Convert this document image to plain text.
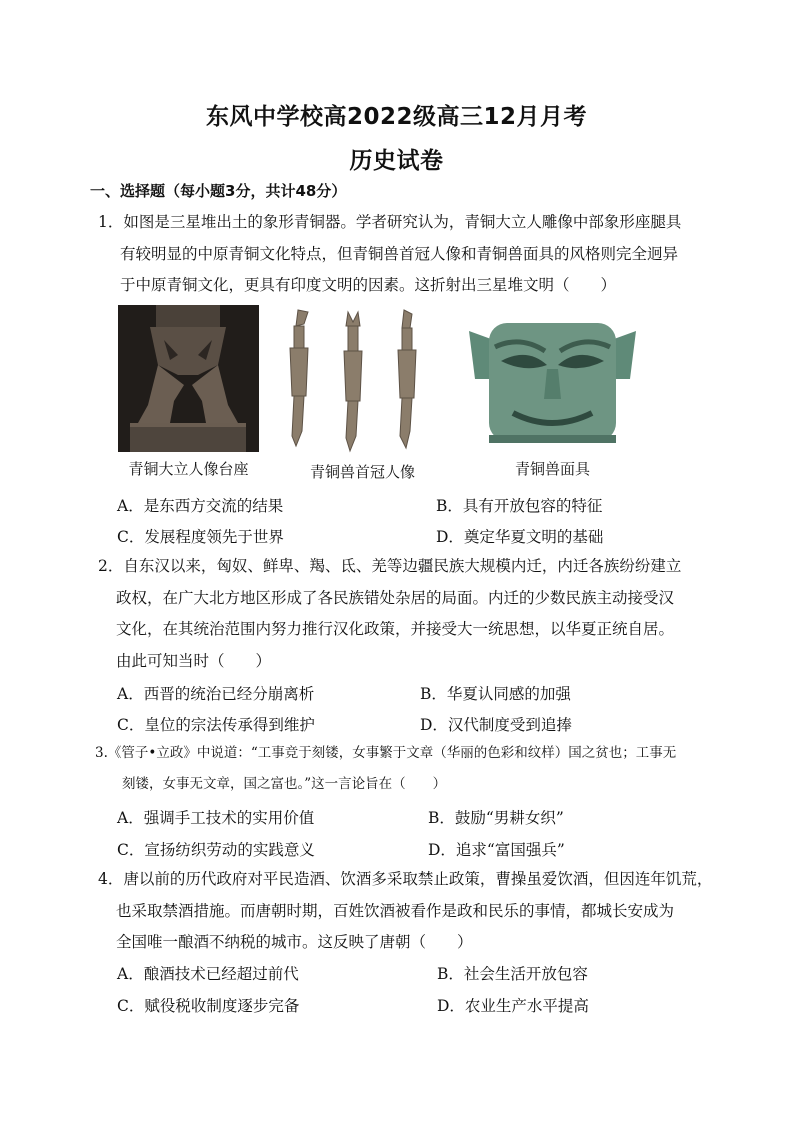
东风中学校高2022级高三12月月考
历史试卷
一、选择题（每小题3分，共计48分）
1．如图是三星堆出土的象形青铜器。学者研究认为，青铜大立人雕像中部象形座腿具
有较明显的中原青铜文化特点，但青铜兽首冠人像和青铜兽面具的风格则完全迥异
于中原青铜文化，更具有印度文明的因素。这折射出三星堆文明（　　）
青铜大立人像台座	青铜兽首冠人像	青铜兽面具
A．是东西方交流的结果	B．具有开放包容的特征
C．发展程度领先于世界	D．奠定华夏文明的基础
2．自东汉以来，匈奴、鲜卑、羯、氐、羌等边疆民族大规模内迁，内迁各族纷纷建立
政权，在广大北方地区形成了各民族错处杂居的局面。内迁的少数民族主动接受汉
文化，在其统治范围内努力推行汉化政策，并接受大一统思想，以华夏正统自居。
由此可知当时（　　）
A．西晋的统治已经分崩离析	B．华夏认同感的加强
C．皇位的宗法传承得到维护	D．汉代制度受到追捧
3.《管子•立政》中说道：“工事竞于刻镂，女事繁于文章（华丽的色彩和纹样）国之贫也；工事无
刻镂，女事无文章，国之富也。”这一言论旨在（　　）
A．强调手工技术的实用价值	B．鼓励“男耕女织”
C．宣扬纺织劳动的实践意义	D．追求“富国强兵”
4．唐以前的历代政府对平民造酒、饮酒多采取禁止政策，曹操虽爱饮酒，但因连年饥荒，
也采取禁酒措施。而唐朝时期，百姓饮酒被看作是政和民乐的事情，都城长安成为
全国唯一酿酒不纳税的城市。这反映了唐朝（　　）
A．酿酒技术已经超过前代	B．社会生活开放包容
C．赋役税收制度逐步完备	D．农业生产水平提高
